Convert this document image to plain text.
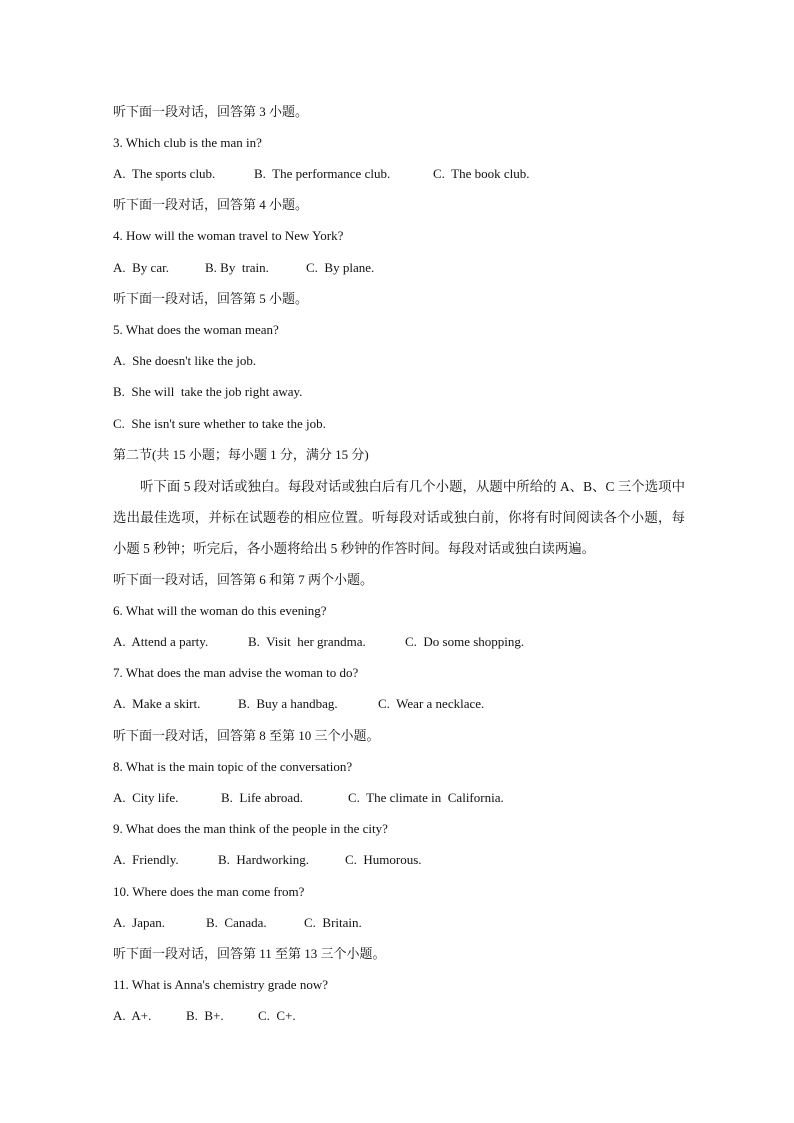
听下面一段对话，回答第 3 小题。
3. Which club is the man in?

A.  The sports club.

	B.  The performance club.

	C.  The book club.

听下面一段对话，回答第 4 小题。
4. How will the woman travel to New York?

A.  By car.

	B. By  train.

	C.  By plane.

听下面一段对话，回答第 5 小题。
5. What does the woman mean?
A.  She doesn't like the job.
B.  She will  take the job right away.
C.  She isn't sure whether to take the job.
第二节(共 15 小题；每小题 1 分，满分 15 分)
听下面 5 段对话或独白。每段对话或独白后有几个小题，从题中所给的 A、B、C 三个选项中选出最佳选项，并标在试题卷的相应位置。听每段对话或独白前，你将有时间阅读各个小题，每小题 5 秒钟；听完后，各小题将给出 5 秒钟的作答时间。每段对话或独白读两遍。
听下面一段对话，回答第 6 和第 7 两个小题。
6. What will the woman do this evening?

A.  Attend a party.

	B.  Visit  her grandma.

	C.  Do some shopping.

7. What does the man advise the woman to do?

A.  Make a skirt.

	B.  Buy a handbag.

	C.  Wear a necklace.

听下面一段对话，回答第 8 至第 10 三个小题。
8. What is the main topic of the conversation?

A.  City life.

	B.  Life abroad.

	C.  The climate in  California.

9. What does the man think of the people in the city?

A.  Friendly.

	B.  Hardworking.

	C.  Humorous.

10. Where does the man come from?

A.  Japan.

	B.  Canada.

	C.  Britain.

听下面一段对话，回答第 11 至第 13 三个小题。
11. What is Anna's chemistry grade now?

A.  A+.

	B.  B+.

	C.  C+.
